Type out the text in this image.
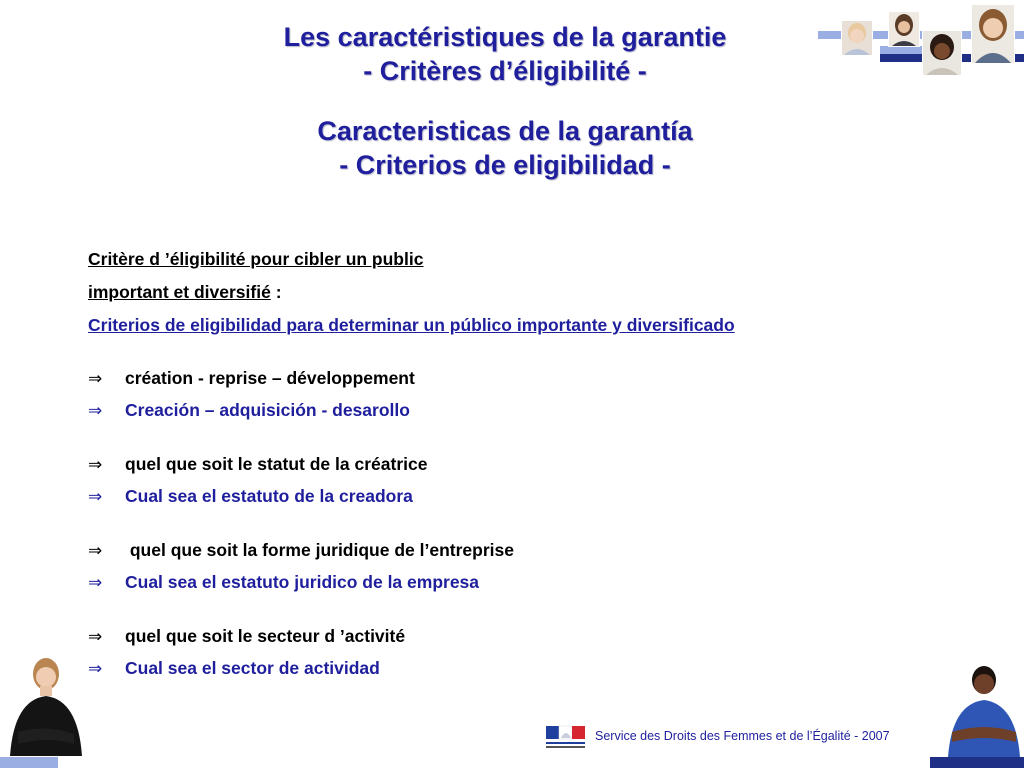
Les caractéristiques de la garantie
- Critères d’éligibilité -
Caracteristicas de la garantía
- Criterios de eligibilidad -
Critère d ’éligibilité pour cibler un public
important et diversifié :
Criterios de eligibilidad para determinar un público importante y diversificado
⇒ création - reprise – développement
⇒ Creación – adquisición - desarollo
⇒ quel que soit le statut de la créatrice
⇒ Cual sea el estatuto de la creadora
⇒ quel que soit la forme juridique de l’entreprise
⇒ Cual sea el estatuto juridico de la empresa
⇒ quel que soit le secteur d ’activité
⇒ Cual sea el sector de actividad
Service des Droits des Femmes et de l’Égalité - 2007
